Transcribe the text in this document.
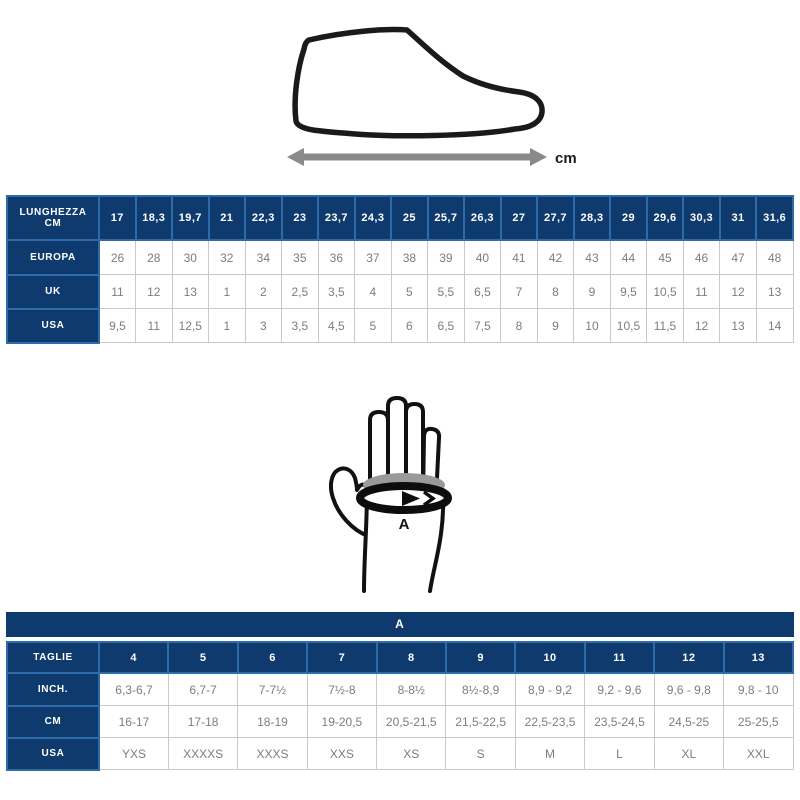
cm
LUNGHEZZA CM	17	18,3	19,7	21	22,3	23	23,7	24,3	25	25,7	26,3	27	27,7	28,3	29	29,6	30,3	31	31,6
EUROPA	26	28	30	32	34	35	36	37	38	39	40	41	42	43	44	45	46	47	48
UK	11	12	13	1	2	2,5	3,5	4	5	5,5	6,5	7	8	9	9,5	10,5	11	12	13
USA	9,5	11	12,5	1	3	3,5	4,5	5	6	6,5	7,5	8	9	10	10,5	11,5	12	13	14
A
A
TAGLIE	4	5	6	7	8	9	10	11	12	13
INCH.	6,3-6,7	6,7-7	7-7½	7½-8	8-8½	8½-8,9	8,9 - 9,2	9,2 - 9,6	9,6 - 9,8	9,8 - 10
CM	16-17	17-18	18-19	19-20,5	20,5-21,5	21,5-22,5	22,5-23,5	23,5-24,5	24,5-25	25-25,5
USA	YXS	XXXXS	XXXS	XXS	XS	S	M	L	XL	XXL
